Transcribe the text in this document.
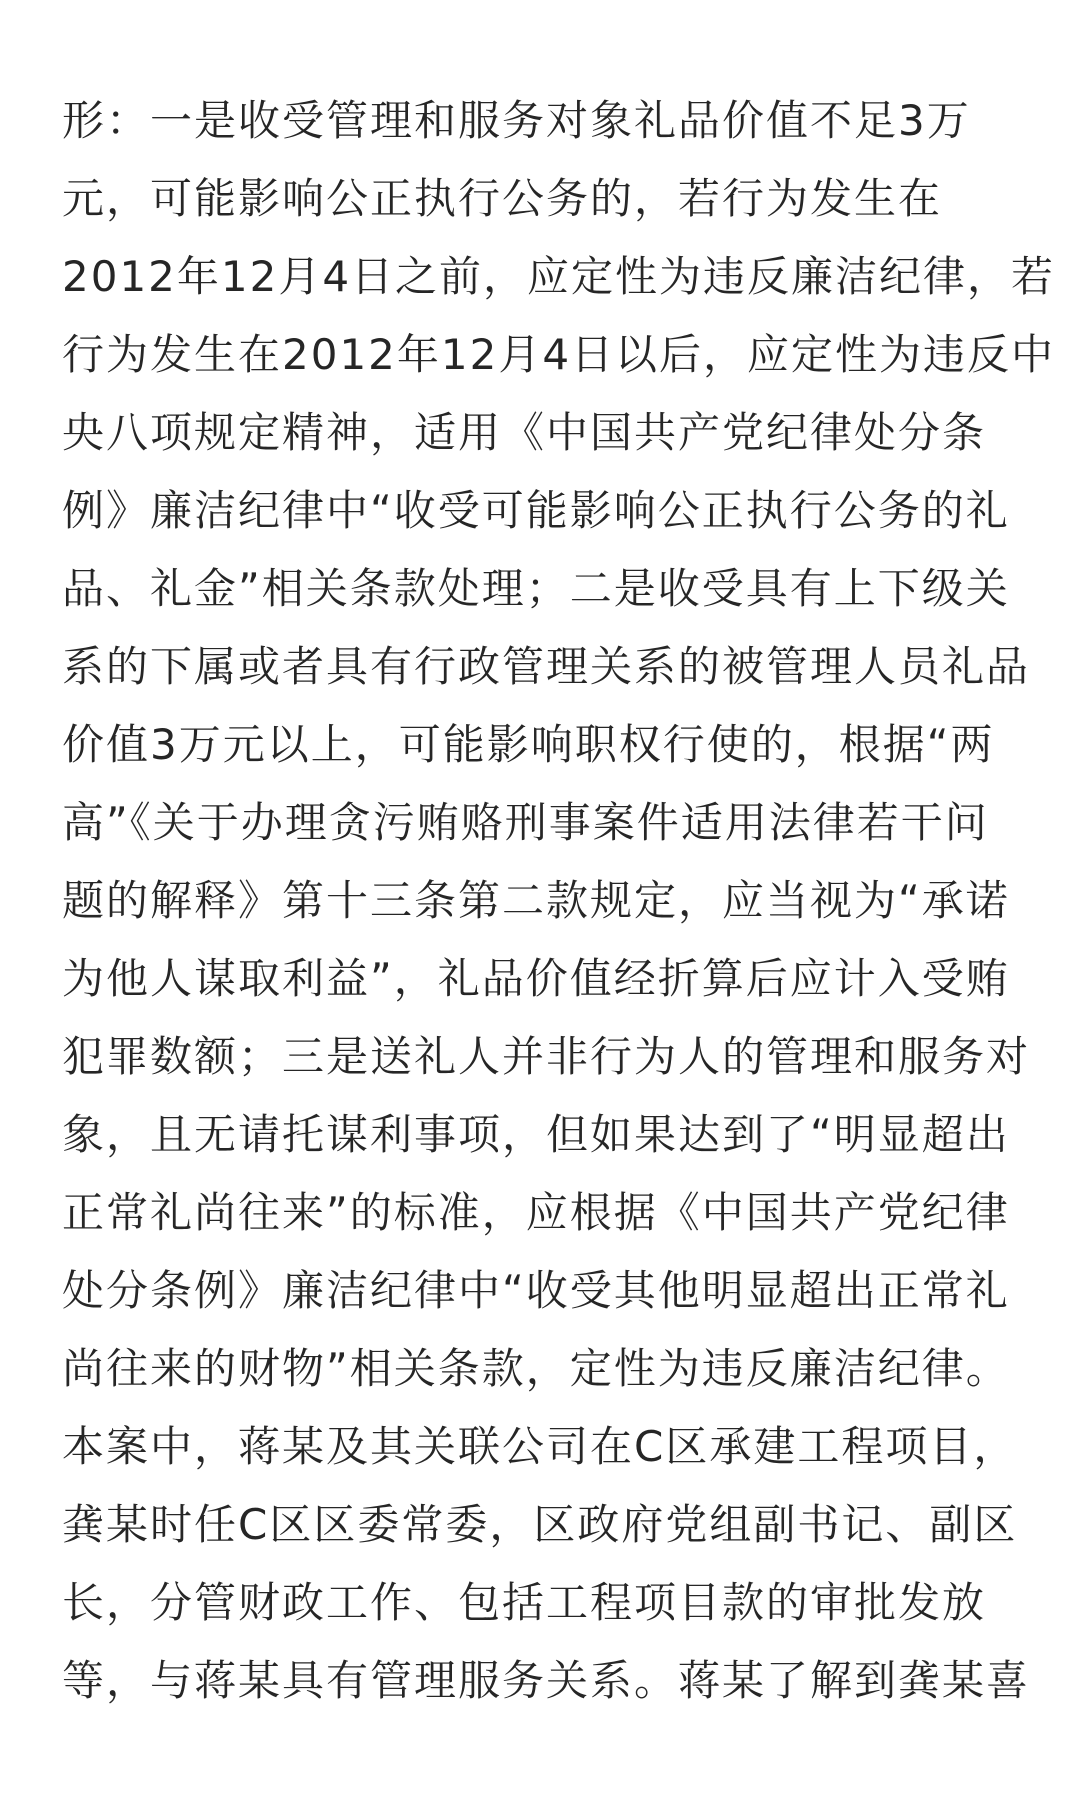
形：一是收受管理和服务对象礼品价值不足3万
元，可能影响公正执行公务的，若行为发生在
2012年12月4日之前，应定性为违反廉洁纪律，若
行为发生在2012年12月4日以后，应定性为违反中
央八项规定精神，适用《中国共产党纪律处分条
例》廉洁纪律中“收受可能影响公正执行公务的礼
品、礼金”相关条款处理；二是收受具有上下级关
系的下属或者具有行政管理关系的被管理人员礼品
价值3万元以上，可能影响职权行使的，根据“两
高”《关于办理贪污贿赂刑事案件适用法律若干问
题的解释》第十三条第二款规定，应当视为“承诺
为他人谋取利益”，礼品价值经折算后应计入受贿
犯罪数额；三是送礼人并非行为人的管理和服务对
象，且无请托谋利事项，但如果达到了“明显超出
正常礼尚往来”的标准，应根据《中国共产党纪律
处分条例》廉洁纪律中“收受其他明显超出正常礼
尚往来的财物”相关条款，定性为违反廉洁纪律。
本案中，蒋某及其关联公司在C区承建工程项目，
龚某时任C区区委常委，区政府党组副书记、副区
长，分管财政工作、包括工程项目款的审批发放
等，与蒋某具有管理服务关系。蒋某了解到龚某喜
